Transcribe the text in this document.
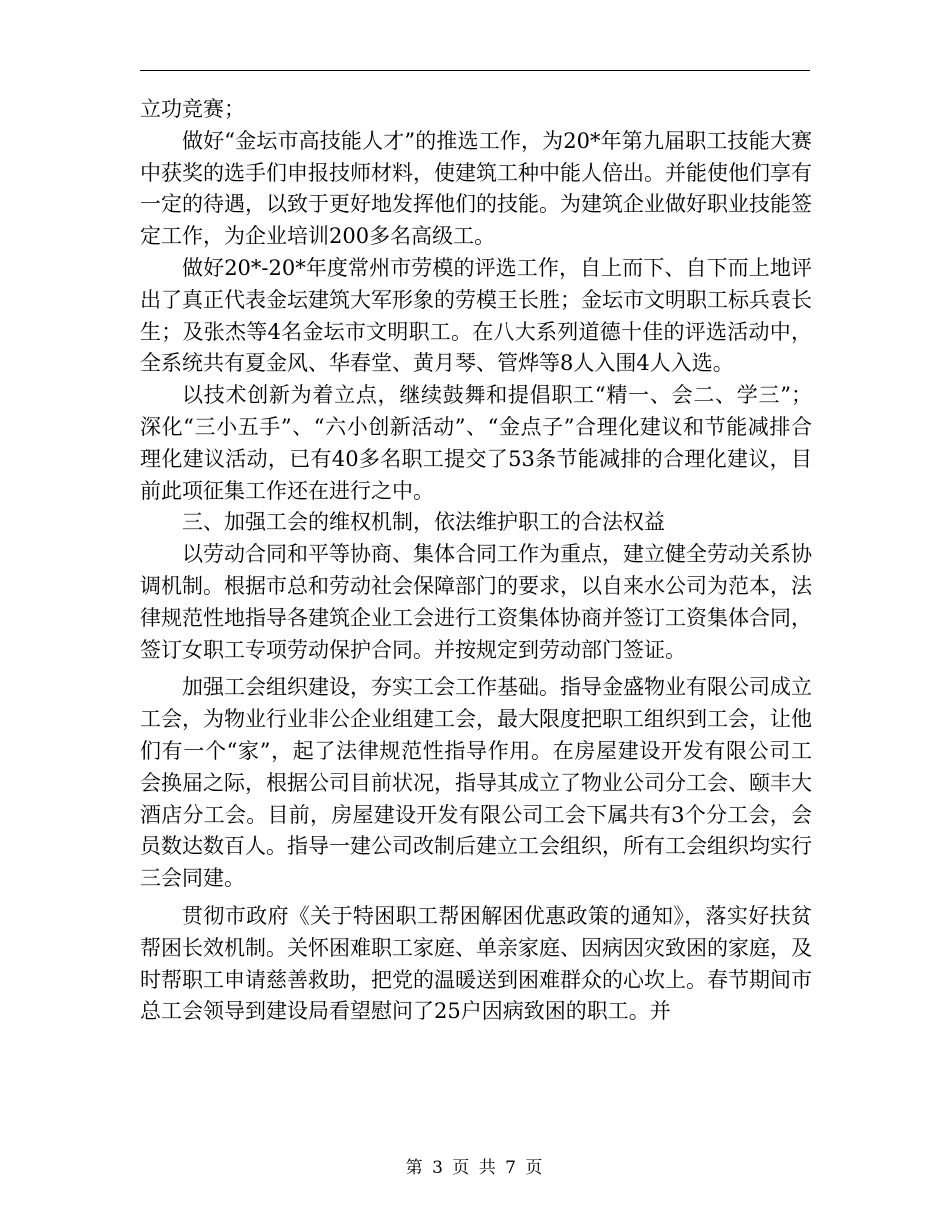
立功竞赛；

做好“金坛市高技能人才”的推选工作，为20*年第九届职工技能大赛中获奖的选手们申报技师材料，使建筑工种中能人倍出。并能使他们享有一定的待遇，以致于更好地发挥他们的技能。为建筑企业做好职业技能签定工作，为企业培训200多名高级工。

做好20*-20*年度常州市劳模的评选工作，自上而下、自下而上地评出了真正代表金坛建筑大军形象的劳模王长胜；金坛市文明职工标兵袁长生；及张杰等4名金坛市文明职工。在八大系列道德十佳的评选活动中，全系统共有夏金风、华春堂、黄月琴、管烨等8人入围4人入选。

以技术创新为着立点，继续鼓舞和提倡职工“精一、会二、学三”；深化“三小五手”、“六小创新活动”、“金点子”合理化建议和节能减排合理化建议活动，已有40多名职工提交了53条节能减排的合理化建议，目前此项征集工作还在进行之中。

三、加强工会的维权机制，依法维护职工的合法权益

以劳动合同和平等协商、集体合同工作为重点，建立健全劳动关系协调机制。根据市总和劳动社会保障部门的要求，以自来水公司为范本，法律规范性地指导各建筑企业工会进行工资集体协商并签订工资集体合同，签订女职工专项劳动保护合同。并按规定到劳动部门签证。

加强工会组织建设，夯实工会工作基础。指导金盛物业有限公司成立工会，为物业行业非公企业组建工会，最大限度把职工组织到工会，让他们有一个“家”，起了法律规范性指导作用。在房屋建设开发有限公司工会换届之际，根据公司目前状况，指导其成立了物业公司分工会、颐丰大酒店分工会。目前，房屋建设开发有限公司工会下属共有3个分工会，会员数达数百人。指导一建公司改制后建立工会组织，所有工会组织均实行三会同建。

贯彻市政府《关于特困职工帮困解困优惠政策的通知》，落实好扶贫帮困长效机制。关怀困难职工家庭、单亲家庭、因病因灾致困的家庭，及时帮职工申请慈善救助，把党的温暖送到困难群众的心坎上。春节期间市总工会领导到建设局看望慰问了25户因病致困的职工。并

第 3 页 共 7 页
